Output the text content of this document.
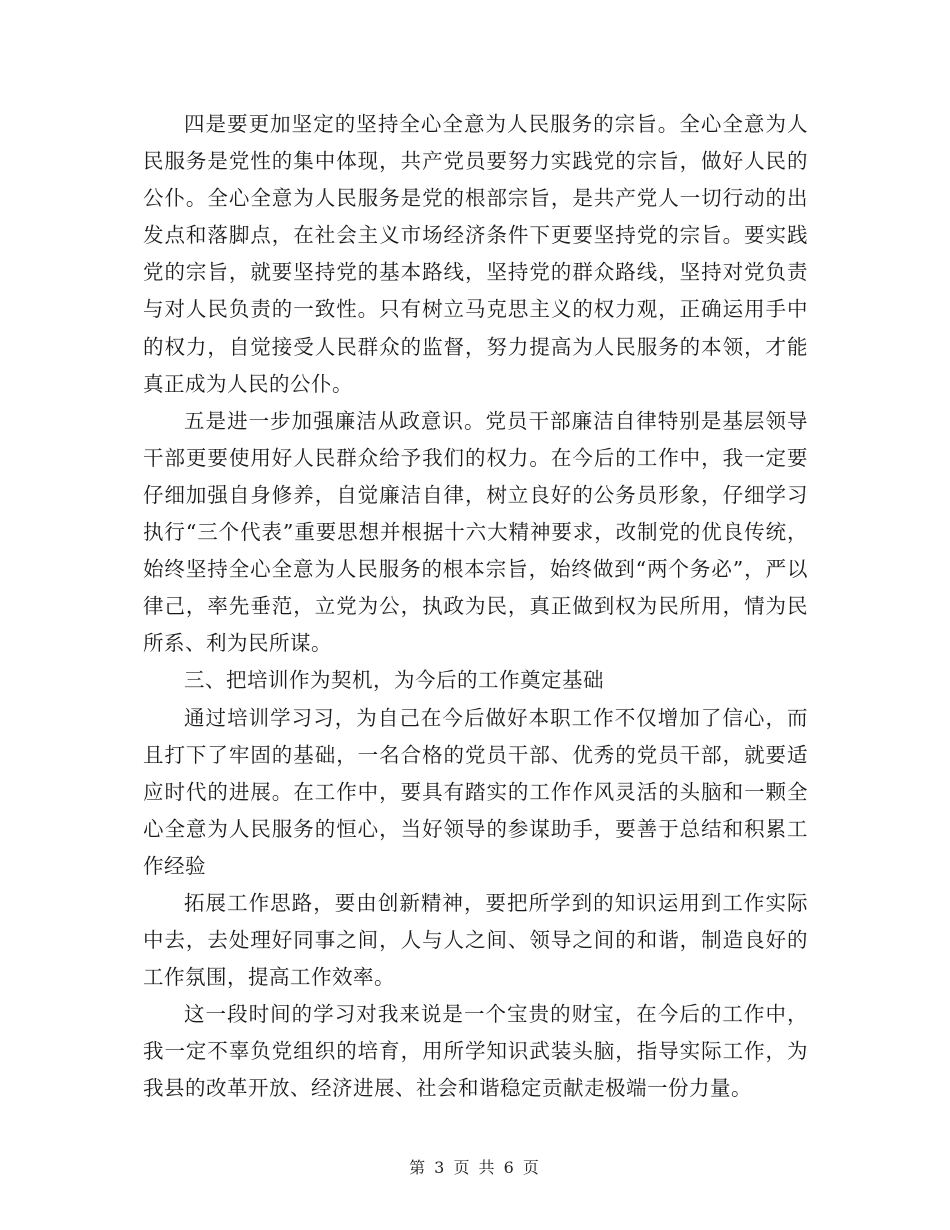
四是要更加坚定的坚持全心全意为人民服务的宗旨。全心全意为人民服务是党性的集中体现，共产党员要努力实践党的宗旨，做好人民的公仆。全心全意为人民服务是党的根部宗旨，是共产党人一切行动的出发点和落脚点，在社会主义市场经济条件下更要坚持党的宗旨。要实践党的宗旨，就要坚持党的基本路线，坚持党的群众路线，坚持对党负责与对人民负责的一致性。只有树立马克思主义的权力观，正确运用手中的权力，自觉接受人民群众的监督，努力提高为人民服务的本领，才能真正成为人民的公仆。

五是进一步加强廉洁从政意识。党员干部廉洁自律特别是基层领导干部更要使用好人民群众给予我们的权力。在今后的工作中，我一定要仔细加强自身修养，自觉廉洁自律，树立良好的公务员形象，仔细学习执行“三个代表”重要思想并根据十六大精神要求，改制党的优良传统，始终坚持全心全意为人民服务的根本宗旨，始终做到“两个务必”，严以律己，率先垂范，立党为公，执政为民，真正做到权为民所用，情为民所系、利为民所谋。

三、把培训作为契机，为今后的工作奠定基础

通过培训学习习，为自己在今后做好本职工作不仅增加了信心，而且打下了牢固的基础，一名合格的党员干部、优秀的党员干部，就要适应时代的进展。在工作中，要具有踏实的工作作风灵活的头脑和一颗全心全意为人民服务的恒心，当好领导的参谋助手，要善于总结和积累工作经验

拓展工作思路，要由创新精神，要把所学到的知识运用到工作实际中去，去处理好同事之间，人与人之间、领导之间的和谐，制造良好的工作氛围，提高工作效率。

这一段时间的学习对我来说是一个宝贵的财宝，在今后的工作中，我一定不辜负党组织的培育，用所学知识武装头脑，指导实际工作，为我县的改革开放、经济进展、社会和谐稳定贡献走极端一份力量。

第 3 页 共 6 页
